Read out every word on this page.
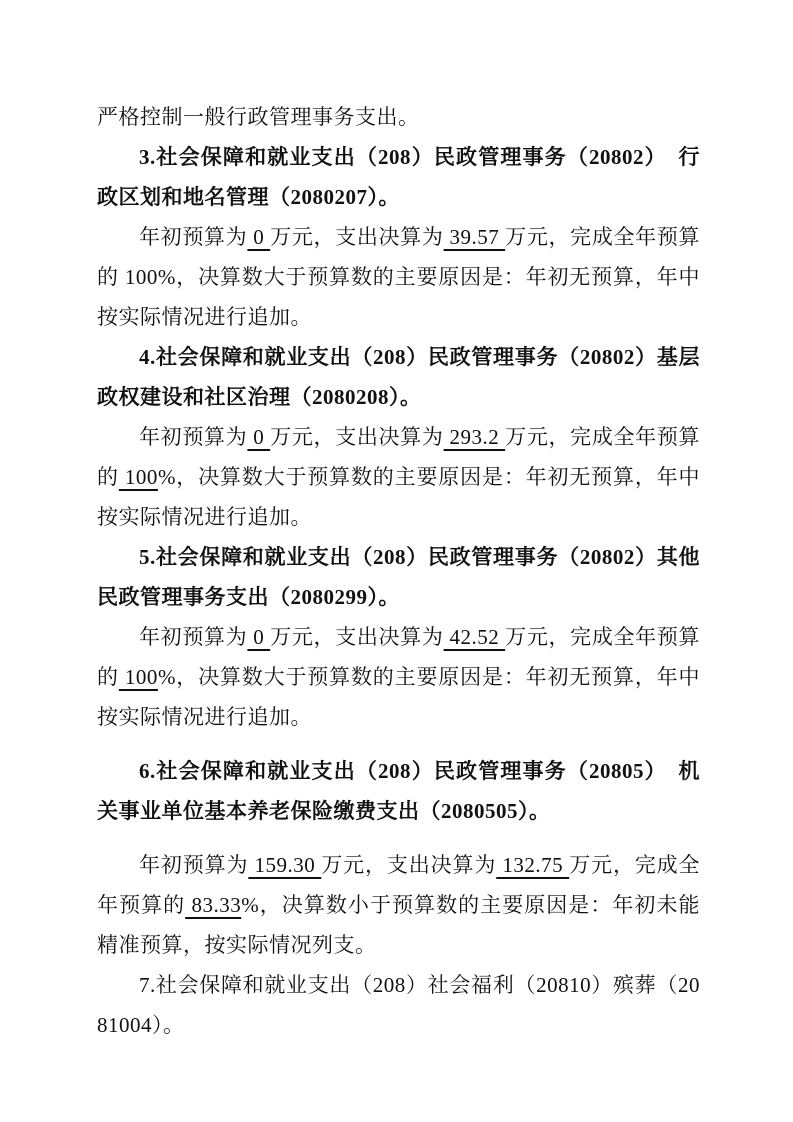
严格控制一般行政管理事务支出。

3.社会保障和就业支出（208）民政管理事务（20802）　行政区划和地名管理（2080207）。

年初预算为 0 万元，支出决算为 39.57 万元，完成全年预算的 100%，决算数大于预算数的主要原因是：年初无预算，年中按实际情况进行追加。

4.社会保障和就业支出（208）民政管理事务（20802）基层政权建设和社区治理（2080208）。

年初预算为 0 万元，支出决算为 293.2 万元，完成全年预算的 100%，决算数大于预算数的主要原因是：年初无预算，年中按实际情况进行追加。

5.社会保障和就业支出（208）民政管理事务（20802）其他民政管理事务支出（2080299）。

年初预算为 0 万元，支出决算为 42.52 万元，完成全年预算的 100%，决算数大于预算数的主要原因是：年初无预算，年中按实际情况进行追加。

6.社会保障和就业支出（208）民政管理事务（20805）　机关事业单位基本养老保险缴费支出（2080505）。

年初预算为 159.30 万元，支出决算为 132.75 万元，完成全年预算的 83.33%，决算数小于预算数的主要原因是：年初未能精准预算，按实际情况列支。

7.社会保障和就业支出（208）社会福利（20810）殡葬（2081004）。
